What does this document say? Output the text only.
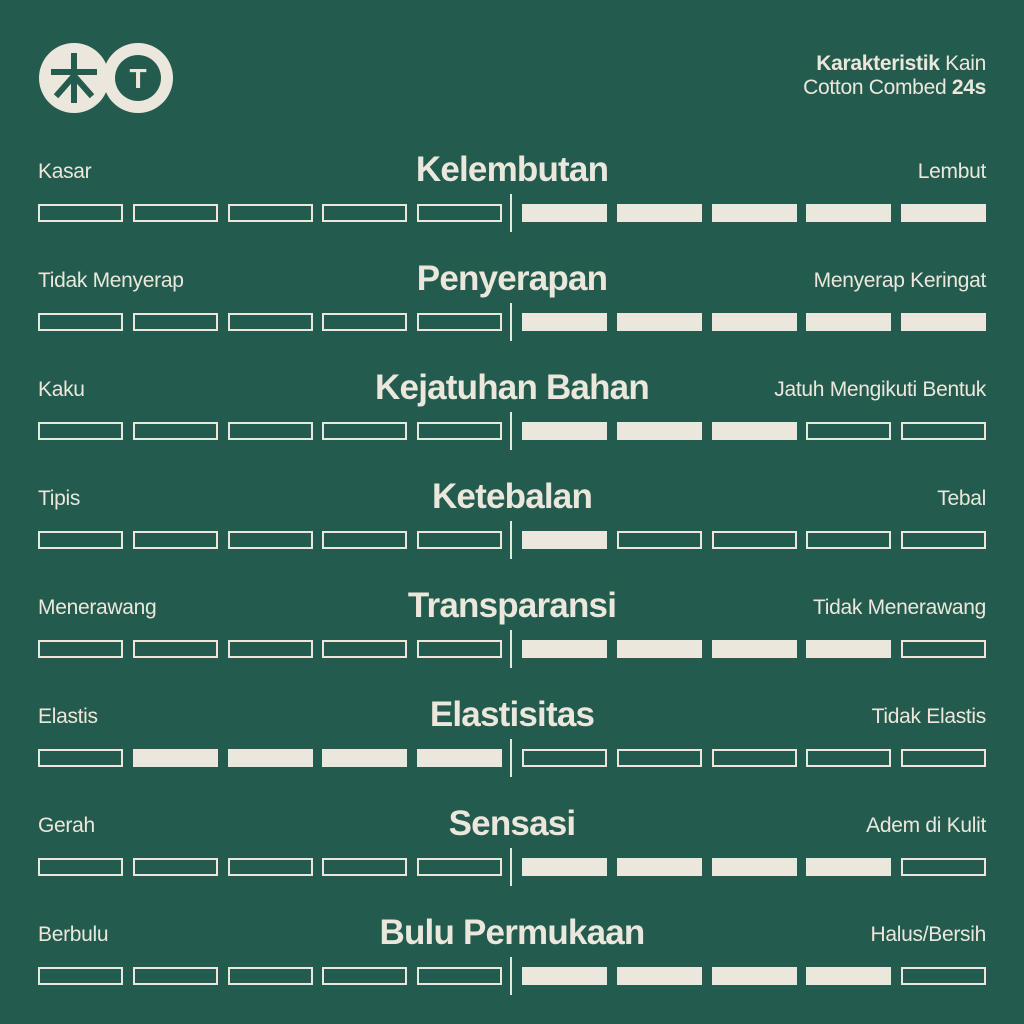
T	Karakteristik Kain
Cotton Combed 24s
Kasar	Kelembutan	Lembut
Tidak Menyerap	Penyerapan	Menyerap Keringat
Kaku	Kejatuhan Bahan	Jatuh Mengikuti Bentuk
Tipis	Ketebalan	Tebal
Menerawang	Transparansi	Tidak Menerawang
Elastis	Elastisitas	Tidak Elastis
Gerah	Sensasi	Adem di Kulit
Berbulu	Bulu Permukaan	Halus/Bersih
